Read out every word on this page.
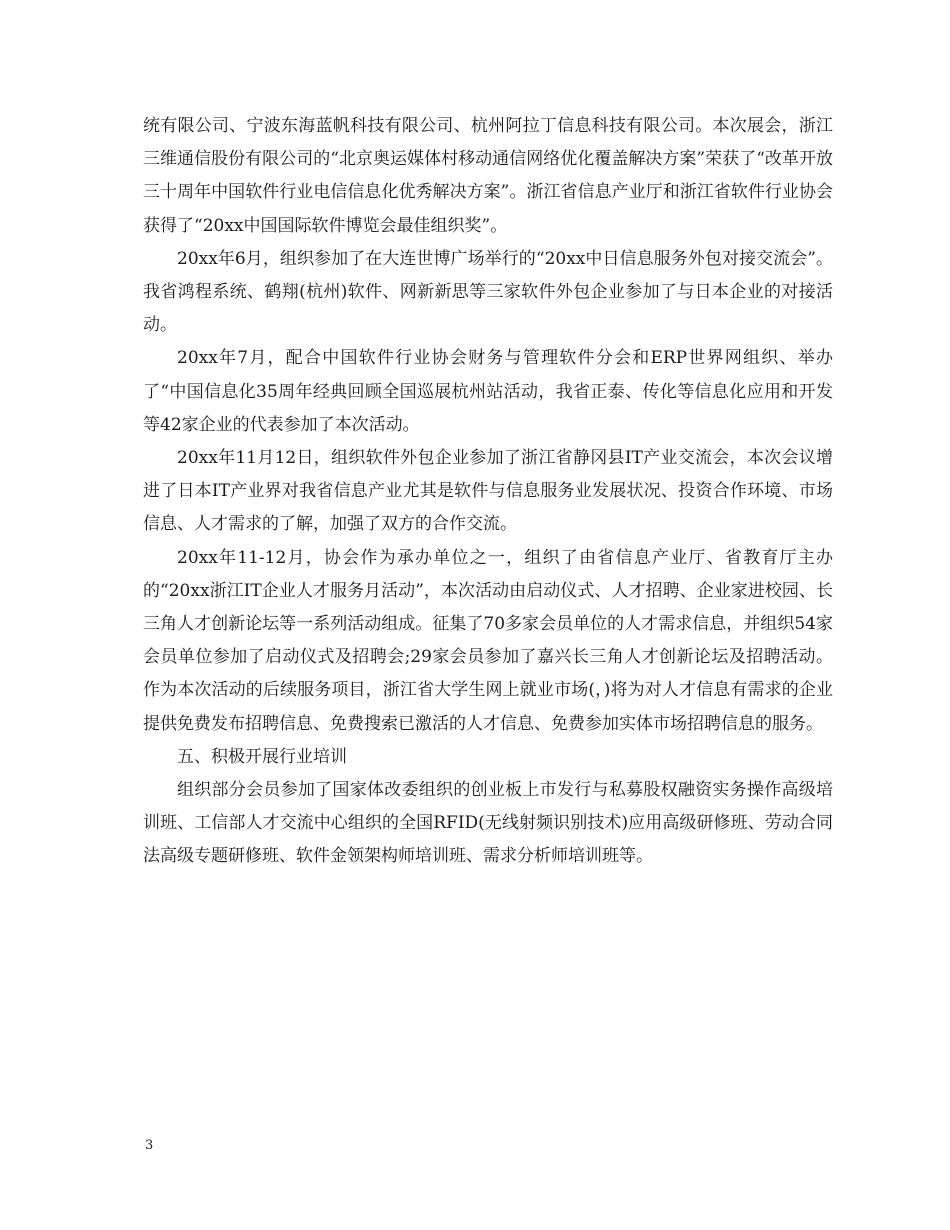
统有限公司、宁波东海蓝帆科技有限公司、杭州阿拉丁信息科技有限公司。本次展会，浙江三维通信股份有限公司的“北京奥运媒体村移动通信网络优化覆盖解决方案”荣获了“改革开放三十周年中国软件行业电信信息化优秀解决方案”。浙江省信息产业厅和浙江省软件行业协会获得了“20xx中国国际软件博览会最佳组织奖”。

20xx年6月，组织参加了在大连世博广场举行的“20xx中日信息服务外包对接交流会”。我省鸿程系统、鹤翔(杭州)软件、网新新思等三家软件外包企业参加了与日本企业的对接活动。

20xx年7月，配合中国软件行业协会财务与管理软件分会和ERP世界网组织、举办了“中国信息化35周年经典回顾全国巡展杭州站活动，我省正泰、传化等信息化应用和开发等42家企业的代表参加了本次活动。

20xx年11月12日，组织软件外包企业参加了浙江省静冈县IT产业交流会，本次会议增进了日本IT产业界对我省信息产业尤其是软件与信息服务业发展状况、投资合作环境、市场信息、人才需求的了解，加强了双方的合作交流。

20xx年11-12月，协会作为承办单位之一，组织了由省信息产业厅、省教育厅主办的“20xx浙江IT企业人才服务月活动”，本次活动由启动仪式、人才招聘、企业家进校园、长三角人才创新论坛等一系列活动组成。征集了70多家会员单位的人才需求信息，并组织54家会员单位参加了启动仪式及招聘会;29家会员参加了嘉兴长三角人才创新论坛及招聘活动。作为本次活动的后续服务项目，浙江省大学生网上就业市场(，)将为对人才信息有需求的企业提供免费发布招聘信息、免费搜索已激活的人才信息、免费参加实体市场招聘信息的服务。

五、积极开展行业培训

组织部分会员参加了国家体改委组织的创业板上市发行与私募股权融资实务操作高级培训班、工信部人才交流中心组织的全国RFID(无线射频识别技术)应用高级研修班、劳动合同法高级专题研修班、软件金领架构师培训班、需求分析师培训班等。

3
